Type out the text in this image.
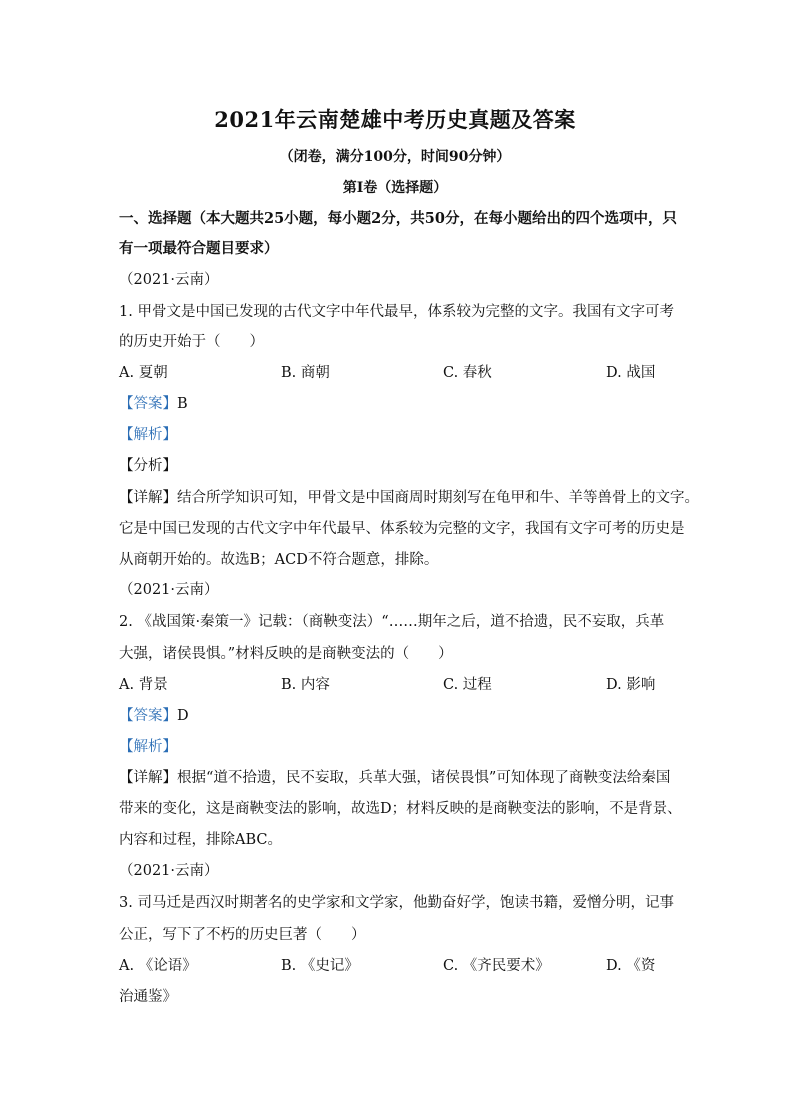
2021年云南楚雄中考历史真题及答案
（闭卷，满分100分，时间90分钟）
第Ⅰ卷（选择题）
一、选择题（本大题共25小题，每小题2分，共50分，在每小题给出的四个选项中，只
有一项最符合题目要求）
（2021·云南）
1. 甲骨文是中国已发现的古代文字中年代最早，体系较为完整的文字。我国有文字可考
的历史开始于（　　）
A. 夏朝	B. 商朝	C. 春秋	D. 战国
【答案】B
【解析】
【分析】
【详解】结合所学知识可知，甲骨文是中国商周时期刻写在龟甲和牛、羊等兽骨上的文字。
它是中国已发现的古代文字中年代最早、体系较为完整的文字，我国有文字可考的历史是
从商朝开始的。故选B；ACD不符合题意，排除。
（2021·云南）
2. 《战国策·秦策一》记载：（商鞅变法）“……期年之后，道不拾遗，民不妄取，兵革
大强，诸侯畏惧。”材料反映的是商鞅变法的（　　）
A. 背景	B. 内容	C. 过程	D. 影响
【答案】D
【解析】
【详解】根据“道不拾遗，民不妄取，兵革大强，诸侯畏惧”可知体现了商鞅变法给秦国
带来的变化，这是商鞅变法的影响，故选D；材料反映的是商鞅变法的影响，不是背景、
内容和过程，排除ABC。
（2021·云南）
3. 司马迁是西汉时期著名的史学家和文学家，他勤奋好学，饱读书籍，爱憎分明，记事
公正，写下了不朽的历史巨著（　　）
A. 《论语》	B. 《史记》	C. 《齐民要术》	D. 《资
治通鉴》
